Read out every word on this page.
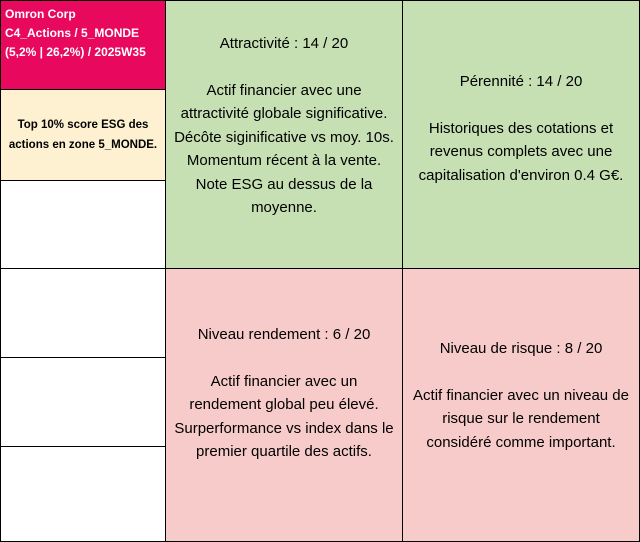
Omron Corp
C4_Actions / 5_MONDE
(5,2% | 26,2%) / 2025W35
Top 10% score ESG des actions en zone 5_MONDE.
Attractivité : 14 / 20
Actif financier avec une
attractivité globale significative.
Décôte siginificative vs moy. 10s.
Momentum récent à la vente.
Note ESG au dessus de la
moyenne.
Pérennité : 14 / 20
Historiques des cotations et
revenus complets avec une
capitalisation d'environ 0.4 G€.
Niveau rendement : 6 / 20
Actif financier avec un
rendement global peu élevé.
Surperformance vs index dans le
premier quartile des actifs.
Niveau de risque : 8 / 20
Actif financier avec un niveau de
risque sur le rendement
considéré comme important.
